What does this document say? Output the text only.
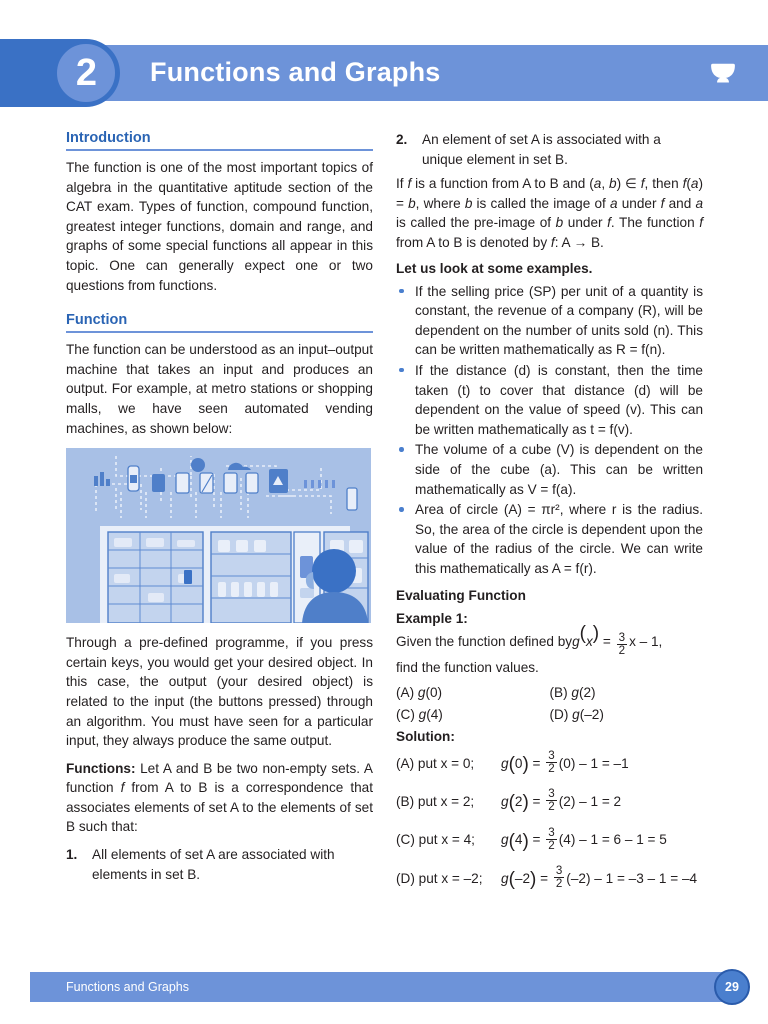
2 Functions and Graphs
Introduction

The function is one of the most important topics of algebra in the quantitative aptitude section of the CAT exam. Types of function, compound function, greatest integer functions, domain and range, and graphs of some special functions all appear in this topic. One can generally expect one or two questions from functions.

Function

The function can be understood as an input–output machine that takes an input and produces an output. For example, at metro stations or shopping malls, we have seen automated vending machines, as shown below:

Through a pre-defined programme, if you press certain keys, you would get your desired object. In this case, the output (your desired object) is related to the input (the buttons pressed) through an algorithm. You must have seen for a particular input, they always produce the same output.

Functions: Let A and B be two non-empty sets. A function f from A to B is a correspondence that associates elements of set A to the elements of set B such that:

1. All elements of set A are associated with elements in set B.
2. An element of set A is associated with a unique element in set B.

If f is a function from A to B and (a, b) ∈ f, then f(a) = b, where b is called the image of a under f and a is called the pre-image of b under f. The function f from A to B is denoted by f: A → B.

Let us look at some examples.
If the selling price (SP) per unit of a quantity is constant, the revenue of a company (R), will be dependent on the number of units sold (n). This can be written mathematically as R = f(n).
If the distance (d) is constant, then the time taken (t) to cover that distance (d) will be dependent on the value of speed (v). This can be written mathematically as t = f(v).
The volume of a cube (V) is dependent on the side of the cube (a). This can be written mathematically as V = f(a).
Area of circle (A) = πr², where r is the radius. So, the area of the circle is dependent upon the value of the radius of the circle. We can write this mathematically as A = f(r).
Evaluating Function
Example 1:
Given the function defined by g ( x ) = $\frac{3}{2}$ x – 1,
find the function values.
(A) g(0)	(B) g(2)
(C) g(4)	(D) g(–2)
Solution:
(A) put x = 0;	g ( 0 ) = $\frac{3}{2} (0)$
– 1 = –1
(B) put x = 2;	g ( 2 ) = $\frac{3}{2} (2)$
– 1 = 2
(C) put x = 4;	g ( 4 ) = $\frac{3}{2} (4)$
– 1 = 6 – 1 = 5
(D) put x = –2;	g ( –2 ) = $\frac{3}{2} (-2)$
– 1 = –3 – 1 = –4
Functions and Graphs	29
